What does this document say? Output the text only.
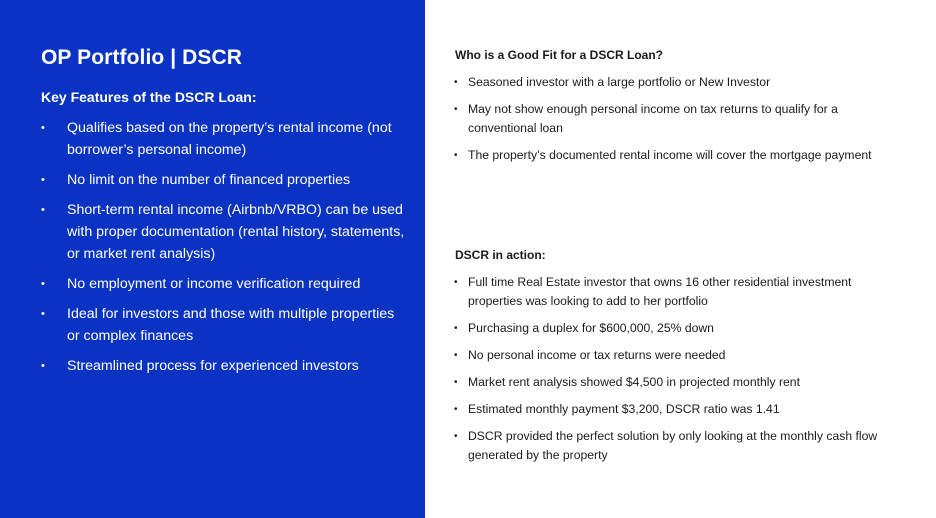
OP Portfolio | DSCR
Key Features of the DSCR Loan:
• Qualifies based on the property’s rental income (not borrower’s personal income)
• No limit on the number of financed properties
• Short-term rental income (Airbnb/VRBO) can be used with proper documentation (rental history, statements, or market rent analysis)
• No employment or income verification required
• Ideal for investors and those with multiple properties or complex finances
• Streamlined process for experienced investors
Who is a Good Fit for a DSCR Loan?
• Seasoned investor with a large portfolio or New Investor
• May not show enough personal income on tax returns to qualify for a conventional loan
• The property’s documented rental income will cover the mortgage payment
DSCR in action:
• Full time Real Estate investor that owns 16 other residential investment properties was looking to add to her portfolio
• Purchasing a duplex for $600,000, 25% down
• No personal income or tax returns were needed
• Market rent analysis showed $4,500 in projected monthly rent
• Estimated monthly payment $3,200, DSCR ratio was 1.41
• DSCR provided the perfect solution by only looking at the monthly cash flow generated by the property
